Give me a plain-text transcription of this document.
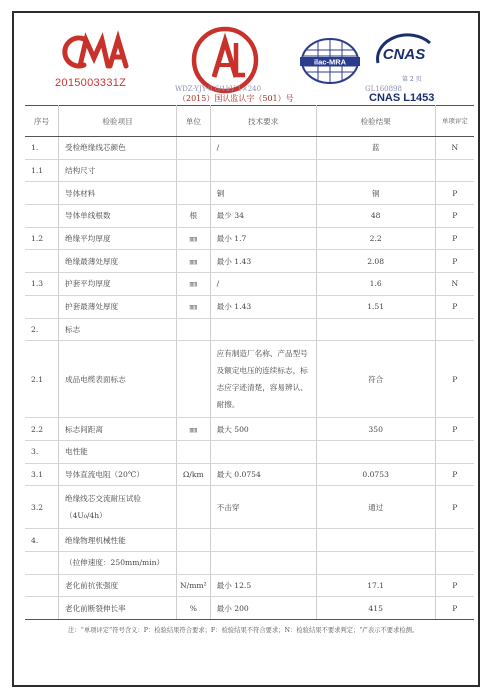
2015003331Z
ilac-MRA CNAS
CNAS L1453
WDZ-YJY-0.6/1kV 1×240	GL160898
第 2 页
（2015）国认监认字（501）号
序号	检验项目	单位	技术要求	检验结果	单项评定
1.	受检绝缘线芯颜色		/	蓝	N
1.1	结构尺寸				
	导体材料		铜	铜	P
	导体单线根数	根	最少 34	48	P
1.2	绝缘平均厚度	㎜	最小 1.7	2.2	P
	绝缘最薄处厚度	㎜	最小 1.43	2.08	P
1.3	护套平均厚度	㎜	/	1.6	N
	护套最薄处厚度	㎜	最小 1.43	1.51	P
2.	标志				
2.1	成品电缆表面标志		应有制造厂名称、产品型号及额定电压的连续标志，标志应字迹清楚，容易辨认、耐擦。	符合	P
2.2	标志间距离	㎜	最大 500	350	P
3.	电性能				
3.1	导体直流电阻（20℃）	Ω/km	最大 0.0754	0.0753	P
3.2	绝缘线芯交流耐压试验（4U₀/4h）		不击穿	通过	P
4.	绝缘物理机械性能				
	（拉伸速度：250mm/min）				
	老化前抗张强度	N/mm²	最小 12.5	17.1	P
	老化前断裂伸长率	%	最小 200	415	P
注：“单项评定”符号含义：P：检验结果符合要求；F：检验结果不符合要求；N：检验结果不要求判定；“/”表示不要求检测。
